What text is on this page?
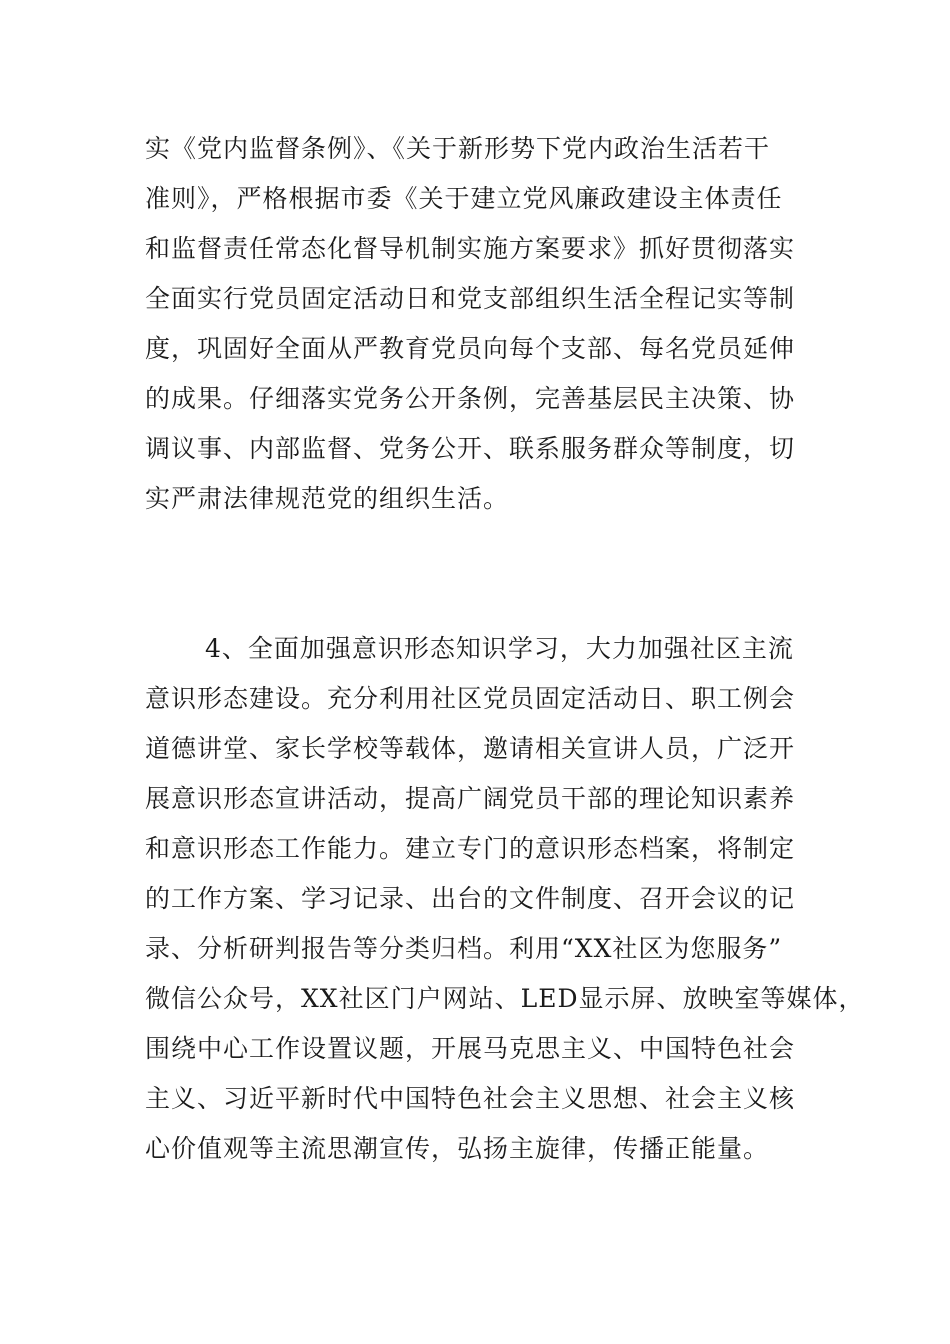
实《党内监督条例》、《关于新形势下党内政治生活若干
准则》，严格根据市委《关于建立党风廉政建设主体责任
和监督责任常态化督导机制实施方案要求》抓好贯彻落实
全面实行党员固定活动日和党支部组织生活全程记实等制
度，巩固好全面从严教育党员向每个支部、每名党员延伸
的成果。仔细落实党务公开条例，完善基层民主决策、协
调议事、内部监督、党务公开、联系服务群众等制度，切
实严肃法律规范党的组织生活。
4、全面加强意识形态知识学习，大力加强社区主流
意识形态建设。充分利用社区党员固定活动日、职工例会
道德讲堂、家长学校等载体，邀请相关宣讲人员，广泛开
展意识形态宣讲活动，提高广阔党员干部的理论知识素养
和意识形态工作能力。建立专门的意识形态档案，将制定
的工作方案、学习记录、出台的文件制度、召开会议的记
录、分析研判报告等分类归档。利用“XX社区为您服务”
微信公众号，XX社区门户网站、LED显示屏、放映室等媒体，
围绕中心工作设置议题，开展马克思主义、中国特色社会
主义、习近平新时代中国特色社会主义思想、社会主义核
心价值观等主流思潮宣传，弘扬主旋律，传播正能量。
